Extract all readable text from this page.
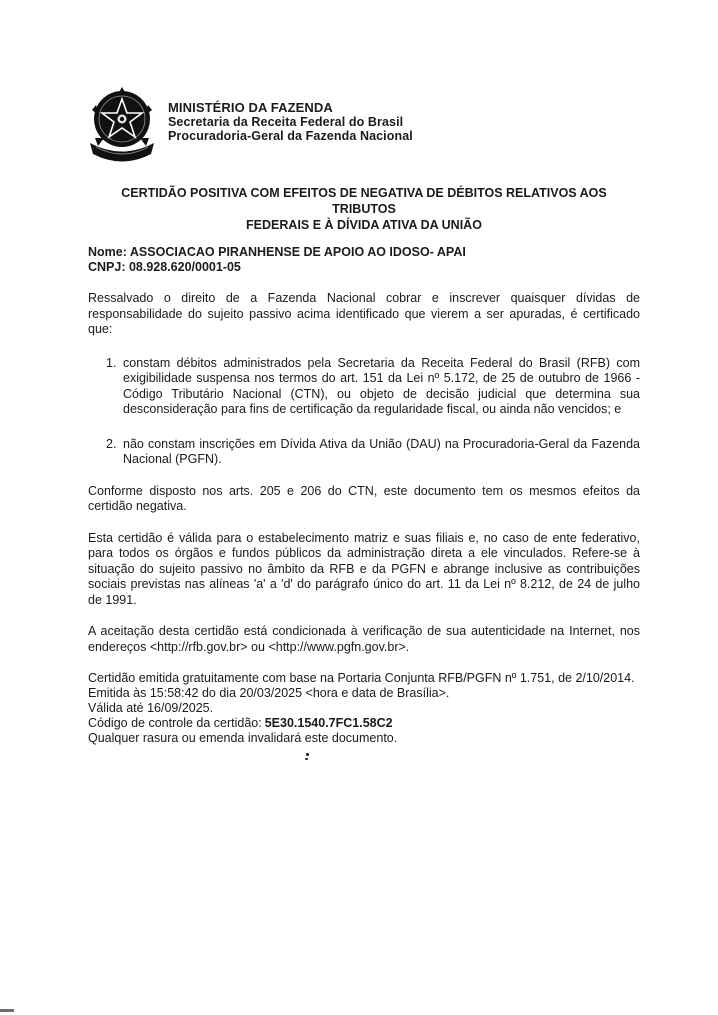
MINISTÉRIO DA FAZENDA
Secretaria da Receita Federal do Brasil
Procuradoria-Geral da Fazenda Nacional
CERTIDÃO POSITIVA COM EFEITOS DE NEGATIVA DE DÉBITOS RELATIVOS AOS TRIBUTOS
FEDERAIS E À DÍVIDA ATIVA DA UNIÃO
Nome: ASSOCIACAO PIRANHENSE DE APOIO AO IDOSO- APAI
CNPJ: 08.928.620/0001-05

Ressalvado o direito de a Fazenda Nacional cobrar e inscrever quaisquer dívidas de responsabilidade do sujeito passivo acima identificado que vierem a ser apuradas, é certificado que:

1. constam débitos administrados pela Secretaria da Receita Federal do Brasil (RFB) com exigibilidade suspensa nos termos do art. 151 da Lei nº 5.172, de 25 de outubro de 1966 - Código Tributário Nacional (CTN), ou objeto de decisão judicial que determina sua desconsideração para fins de certificação da regularidade fiscal, ou ainda não vencidos; e
2. não constam inscrições em Dívida Ativa da União (DAU) na Procuradoria-Geral da Fazenda Nacional (PGFN).

Conforme disposto nos arts. 205 e 206 do CTN, este documento tem os mesmos efeitos da certidão negativa.

Esta certidão é válida para o estabelecimento matriz e suas filiais e, no caso de ente federativo, para todos os órgãos e fundos públicos da administração direta a ele vinculados. Refere-se à situação do sujeito passivo no âmbito da RFB e da PGFN e abrange inclusive as contribuições sociais previstas nas alíneas 'a' a 'd' do parágrafo único do art. 11 da Lei nº 8.212, de 24 de julho de 1991.

A aceitação desta certidão está condicionada à verificação de sua autenticidade na Internet, nos endereços <http://rfb.gov.br> ou <http://www.pgfn.gov.br>.

Certidão emitida gratuitamente com base na Portaria Conjunta RFB/PGFN nº 1.751, de 2/10/2014.

Emitida às 15:58:42 do dia 20/03/2025 <hora e data de Brasília>.

Válida até 16/09/2025.

Código de controle da certidão: 5E30.1540.7FC1.58C2

Qualquer rasura ou emenda invalidará este documento.
